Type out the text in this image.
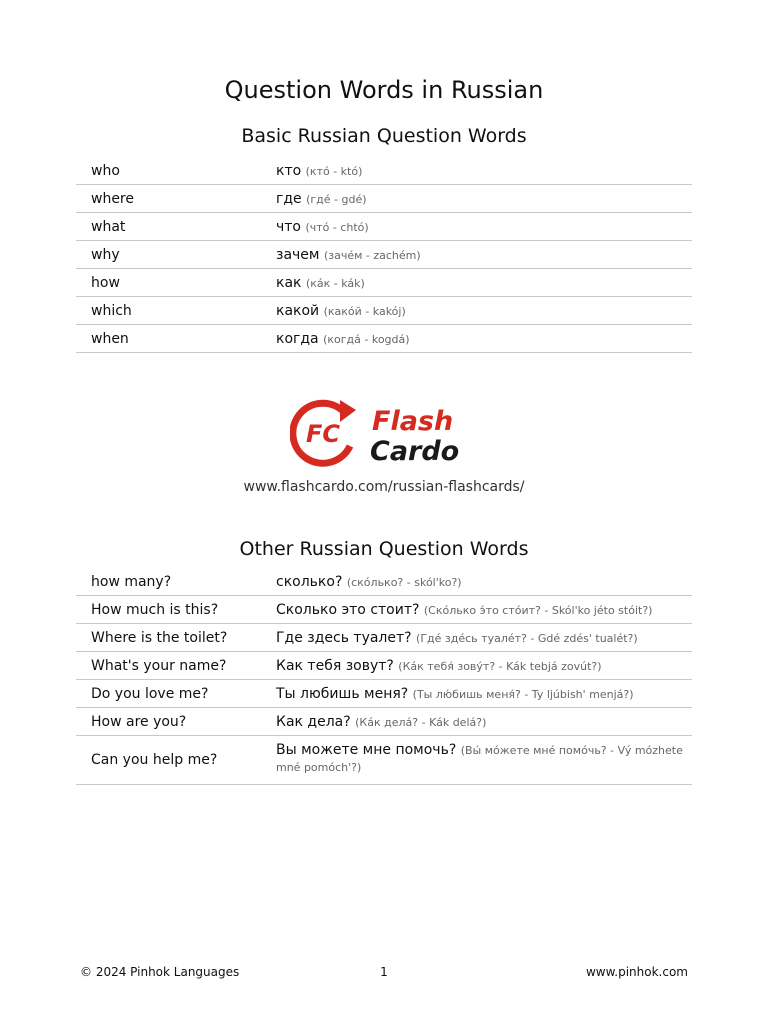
Question Words in Russian
Basic Russian Question Words
who	кто (ктó - któ)
where	где (гдé - gdé)
what	что (чтó - chtó)
why	зачем (зачéм - zachém)
how	как (кáк - kák)
which	какой (какóй - kakój)
when	когда (когдá - kogdá)
FC Flash
Cardo
www.flashcardo.com/russian-flashcards/
Other Russian Question Words
how many?	сколько? (скóлько? - skól'ko?)
How much is this?	Сколько это стоит? (Скóлько э́то стóит? - Skól'ko jéto stóit?)
Where is the toilet?	Где здесь туалет? (Гдé здéсь туалéт? - Gdé zdés' tualét?)
What's your name?	Как тебя зовут? (Кáк тебя́ зову́т? - Kák tebjá zovút?)
Do you love me?	Ты любишь меня? (Ты лю́бишь меня́? - Ty ljúbish' menjá?)
How are you?	Как дела? (Кáк делá? - Kák delá?)
Can you help me?	Вы можете мне помочь? (Вы́ мóжете мнé помóчь? - Vý mózhete mné pomóch'?)
© 2024 Pinhok Languages	1	www.pinhok.com
